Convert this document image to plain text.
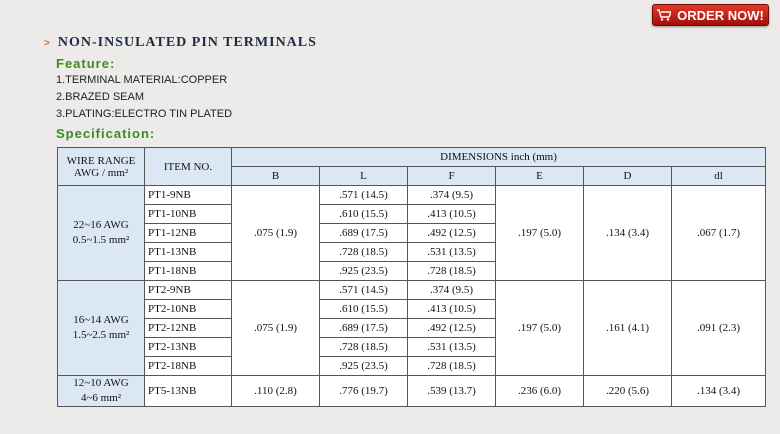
ORDER NOW!
> NON-INSULATED PIN TERMINALS
Feature:
1.TERMINAL MATERIAL:COPPER
2.BRAZED SEAM
3.PLATING:ELECTRO TIN PLATED
Specification:
WIRE RANGE
AWG / mm²	ITEM NO.	DIMENSIONS inch (mm)					
		B	L	F	E	D	dl

22~16 AWG
0.5~1.5 mm²	PT1-9NB	.075 (1.9)	.571 (14.5)	.374 (9.5)	.197 (5.0)	.134 (3.4)	.067 (1.7)
	PT1-10NB		.610 (15.5)	.413 (10.5)			
	PT1-12NB		.689 (17.5)	.492 (12.5)			
	PT1-13NB		.728 (18.5)	.531 (13.5)			
	PT1-18NB		.925 (23.5)	.728 (18.5)			

16~14 AWG
1.5~2.5 mm²	PT2-9NB	.075 (1.9)	.571 (14.5)	.374 (9.5)	.197 (5.0)	.161 (4.1)	.091 (2.3)
	PT2-10NB		.610 (15.5)	.413 (10.5)			
	PT2-12NB		.689 (17.5)	.492 (12.5)			
	PT2-13NB		.728 (18.5)	.531 (13.5)			
	PT2-18NB		.925 (23.5)	.728 (18.5)			

12~10 AWG
4~6 mm²	PT5-13NB	.110 (2.8)	.776 (19.7)	.539 (13.7)	.236 (6.0)	.220 (5.6)	.134 (3.4)
